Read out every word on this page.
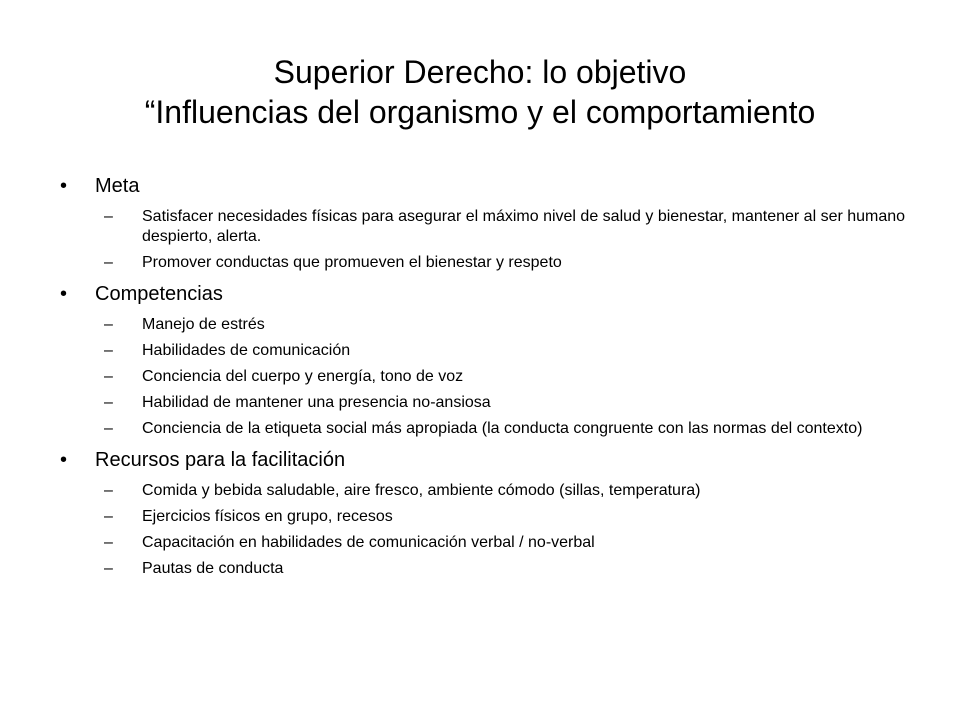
Superior Derecho: lo objetivo
“Influencias del organismo y el comportamiento
•	Meta
– Satisfacer necesidades físicas para asegurar el máximo nivel de salud y bienestar, mantener al ser humano despierto, alerta.
– Promover conductas que promueven el bienestar y respeto
•	Competencias
– Manejo de estrés
– Habilidades de comunicación
– Conciencia del cuerpo y energía, tono de voz
– Habilidad de mantener una presencia no-ansiosa
– Conciencia de la etiqueta social más apropiada (la conducta congruente con las normas del contexto)
•	Recursos para la facilitación
– Comida y bebida saludable, aire fresco, ambiente cómodo (sillas, temperatura)
– Ejercicios físicos en grupo, recesos
– Capacitación en habilidades de comunicación verbal / no-verbal
– Pautas de conducta
